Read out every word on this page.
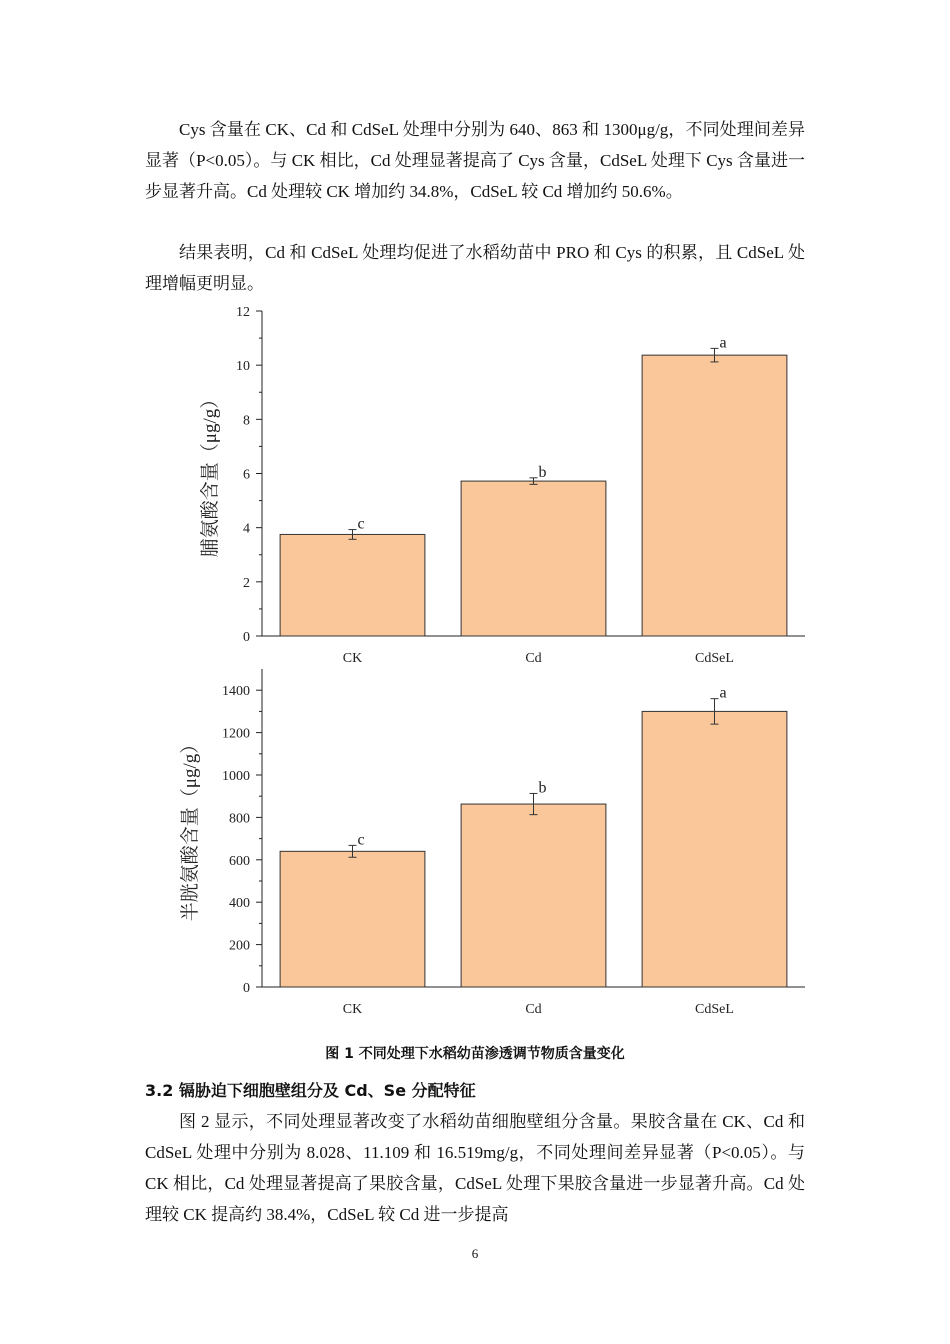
Cys 含量在 CK、Cd 和 CdSeL 处理中分别为 640、863 和 1300μg/g，不同处理间差异显著（P<0.05）。与 CK 相比，Cd 处理显著提高了 Cys 含量，CdSeL 处理下 Cys 含量进一步显著升高。Cd 处理较 CK 增加约 34.8%，CdSeL 较 Cd 增加约 50.6%。
结果表明，Cd 和 CdSeL 处理均促进了水稻幼苗中 PRO 和 Cys 的积累，且 CdSeL 处理增幅更明显。
0
2
4
6
8
10
12
c
CK
b
Cd
a
CdSeL
脯氨酸含量（μg/g）
0
200
400
600
800
1000
1200
1400
c
CK
b
Cd
a
CdSeL
半胱氨酸含量（μg/g）
图 1 不同处理下水稻幼苗渗透调节物质含量变化
3.2 镉胁迫下细胞壁组分及 Cd、Se 分配特征
图 2 显示，不同处理显著改变了水稻幼苗细胞壁组分含量。果胶含量在 CK、Cd 和 CdSeL 处理中分别为 8.028、11.109 和 16.519mg/g，不同处理间差异显著（P<0.05）。与 CK 相比，Cd 处理显著提高了果胶含量，CdSeL 处理下果胶含量进一步显著升高。Cd 处理较 CK 提高约 38.4%，CdSeL 较 Cd 进一步提高
6
